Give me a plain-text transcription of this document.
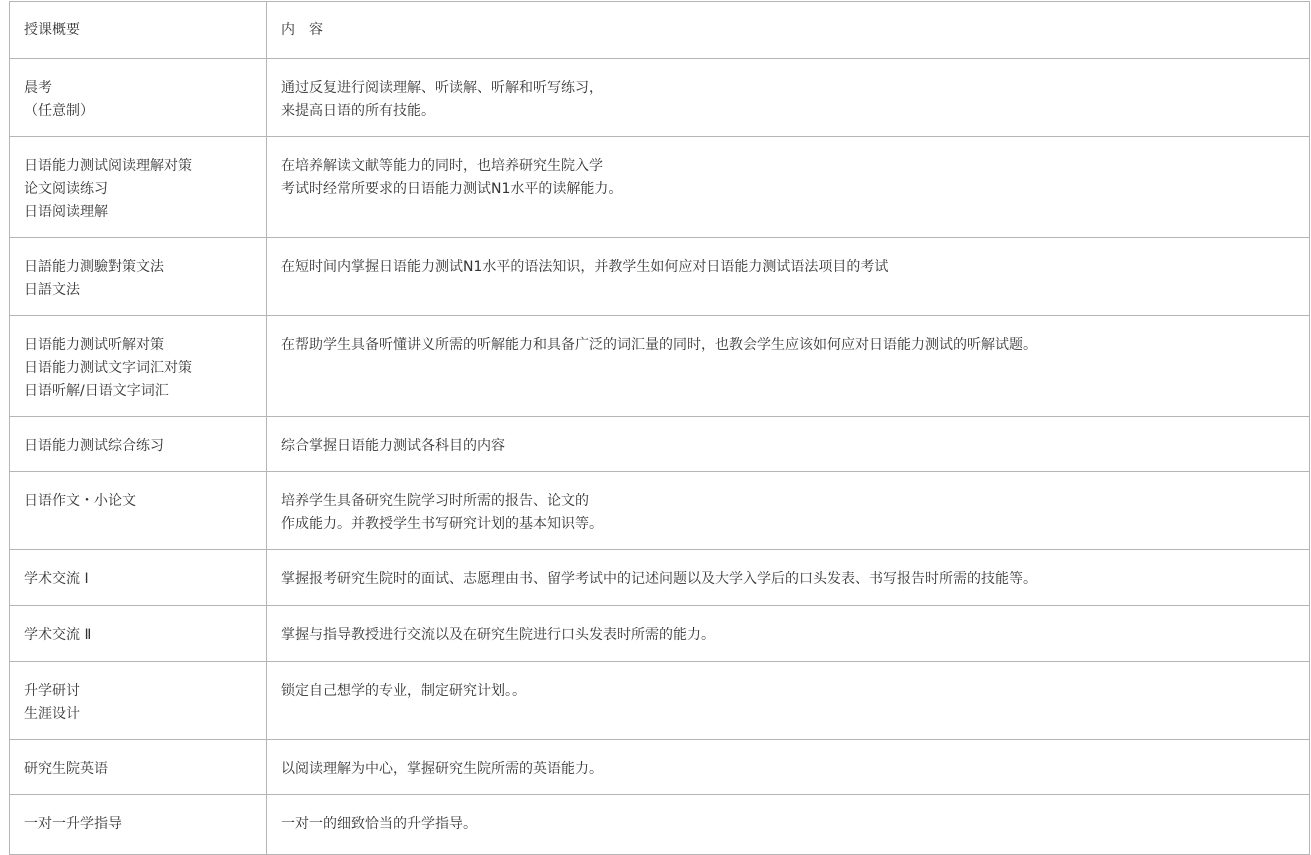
授课概要	内　容

晨考
（任意制）	通过反复进行阅读理解、听读解、听解和听写练习，
来提高日语的所有技能。

日语能力测试阅读理解对策
论文阅读练习
日语阅读理解	在培养解读文献等能力的同时，也培养研究生院入学
考试时经常所要求的日语能力测试N1水平的读解能力。

日語能力測驗對策文法
日語文法	在短时间内掌握日语能力测试N1水平的语法知识，并教学生如何应对日语能力测试语法项目的考试

日语能力测试听解对策
日语能力测试文字词汇对策
日语听解/日语文字词汇	在帮助学生具备听懂讲义所需的听解能力和具备广泛的词汇量的同时，也教会学生应该如何应对日语能力测试的听解试题。

日语能力测试综合练习	综合掌握日语能力测试各科目的内容

日语作文・小论文	培养学生具备研究生院学习时所需的报告、论文的
作成能力。并教授学生书写研究计划的基本知识等。

学术交流 Ⅰ	掌握报考研究生院时的面试、志愿理由书、留学考试中的记述问题以及大学入学后的口头发表、书写报告时所需的技能等。

学术交流 Ⅱ	掌握与指导教授进行交流以及在研究生院进行口头发表时所需的能力。

升学研讨
生涯设计	锁定自己想学的专业，制定研究计划。。

研究生院英语	以阅读理解为中心，掌握研究生院所需的英语能力。

一对一升学指导	一对一的细致恰当的升学指导。
